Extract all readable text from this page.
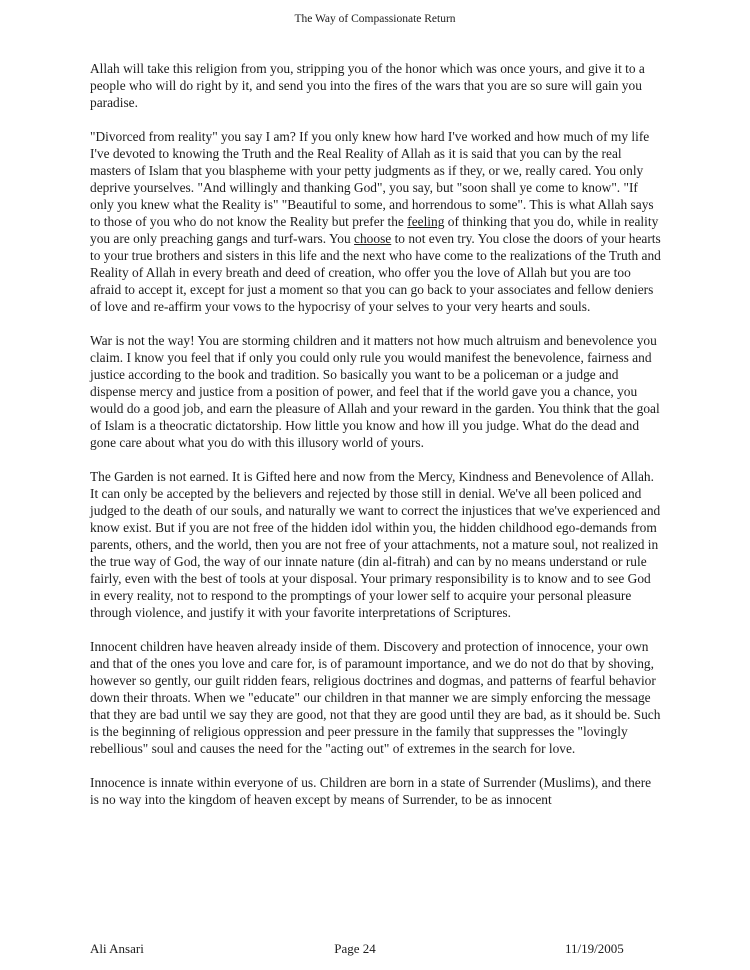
The Way of Compassionate Return

Allah will take this religion from you, stripping you of the honor which was once yours, and give it to a people who will do right by it, and send you into the fires of the wars that you are so sure will gain you paradise.

"Divorced from reality" you say I am? If you only knew how hard I've worked and how much of my life I've devoted to knowing the Truth and the Real Reality of Allah as it is said that you can by the real masters of Islam that you blaspheme with your petty judgments as if they, or we, really cared. You only deprive yourselves. "And willingly and thanking God", you say, but "soon shall ye come to know". "If only you knew what the Reality is" "Beautiful to some, and horrendous to some". This is what Allah says to those of you who do not know the Reality but prefer the feeling of thinking that you do, while in reality you are only preaching gangs and turf-wars. You choose to not even try. You close the doors of your hearts to your true brothers and sisters in this life and the next who have come to the realizations of the Truth and Reality of Allah in every breath and deed of creation, who offer you the love of Allah but you are too afraid to accept it, except for just a moment so that you can go back to your associates and fellow deniers of love and re-affirm your vows to the hypocrisy of your selves to your very hearts and souls.

War is not the way! You are storming children and it matters not how much altruism and benevolence you claim. I know you feel that if only you could only rule you would manifest the benevolence, fairness and justice according to the book and tradition. So basically you want to be a policeman or a judge and dispense mercy and justice from a position of power, and feel that if the world gave you a chance, you would do a good job, and earn the pleasure of Allah and your reward in the garden. You think that the goal of Islam is a theocratic dictatorship. How little you know and how ill you judge. What do the dead and gone care about what you do with this illusory world of yours.

The Garden is not earned. It is Gifted here and now from the Mercy, Kindness and Benevolence of Allah. It can only be accepted by the believers and rejected by those still in denial. We've all been policed and judged to the death of our souls, and naturally we want to correct the injustices that we've experienced and know exist. But if you are not free of the hidden idol within you, the hidden childhood ego-demands from parents, others, and the world, then you are not free of your attachments, not a mature soul, not realized in the true way of God, the way of our innate nature (din al-fitrah) and can by no means understand or rule fairly, even with the best of tools at your disposal. Your primary responsibility is to know and to see God in every reality, not to respond to the promptings of your lower self to acquire your personal pleasure through violence, and justify it with your favorite interpretations of Scriptures.

Innocent children have heaven already inside of them. Discovery and protection of innocence, your own and that of the ones you love and care for, is of paramount importance, and we do not do that by shoving, however so gently, our guilt ridden fears, religious doctrines and dogmas, and patterns of fearful behavior down their throats. When we "educate" our children in that manner we are simply enforcing the message that they are bad until we say they are good, not that they are good until they are bad, as it should be. Such is the beginning of religious oppression and peer pressure in the family that suppresses the "lovingly rebellious" soul and causes the need for the "acting out" of extremes in the search for love.

Innocence is innate within everyone of us. Children are born in a state of Surrender (Muslims), and there is no way into the kingdom of heaven except by means of Surrender, to be as innocent

Ali Ansari	Page 24	11/19/2005
